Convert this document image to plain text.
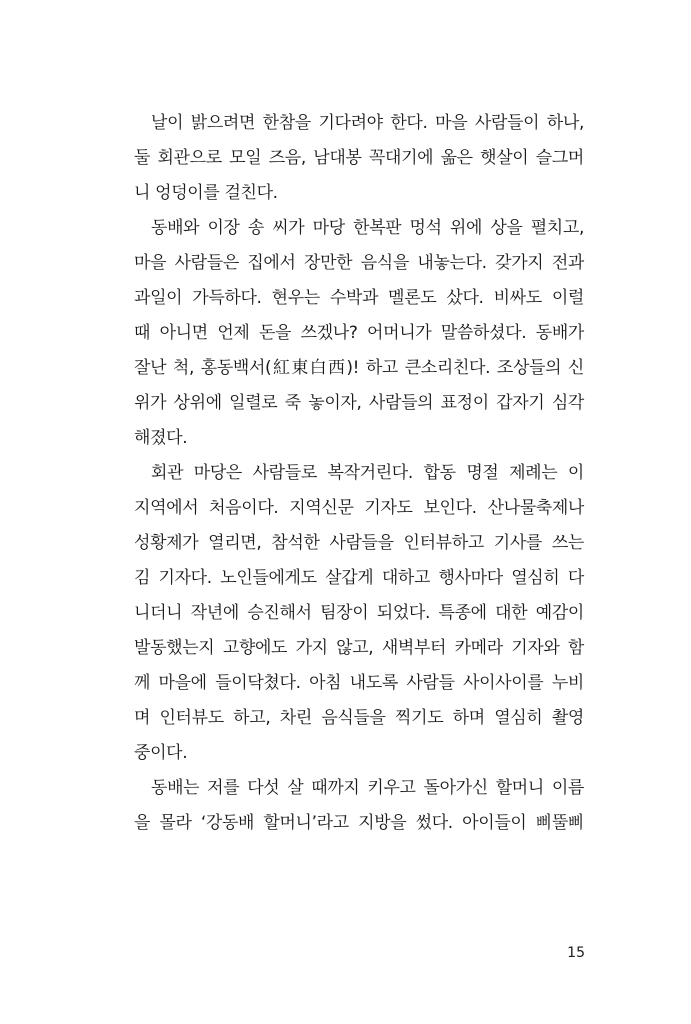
날이 밝으려면 한참을 기다려야 한다. 마을 사람들이 하나,
둘 회관으로 모일 즈음, 남대봉 꼭대기에 옮은 햇살이 슬그머
니 엉덩이를 걸친다.
동배와 이장 송 씨가 마당 한복판 멍석 위에 상을 펼치고,
마을 사람들은 집에서 장만한 음식을 내놓는다. 갖가지 전과
과일이 가득하다. 현우는 수박과 멜론도 샀다. 비싸도 이럴
때 아니면 언제 돈을 쓰겠나? 어머니가 말씀하셨다. 동배가
잘난 척, 홍동백서(紅東白西)! 하고 큰소리친다. 조상들의 신
위가 상위에 일렬로 죽 놓이자, 사람들의 표정이 갑자기 심각
해졌다.
회관 마당은 사람들로 복작거린다. 합동 명절 제례는 이
지역에서 처음이다. 지역신문 기자도 보인다. 산나물축제나
성황제가 열리면, 참석한 사람들을 인터뷰하고 기사를 쓰는
김 기자다. 노인들에게도 살갑게 대하고 행사마다 열심히 다
니더니 작년에 승진해서 팀장이 되었다. 특종에 대한 예감이
발동했는지 고향에도 가지 않고, 새벽부터 카메라 기자와 함
께 마을에 들이닥쳤다. 아침 내도록 사람들 사이사이를 누비
며 인터뷰도 하고, 차린 음식들을 찍기도 하며 열심히 촬영
중이다.
동배는 저를 다섯 살 때까지 키우고 돌아가신 할머니 이름
을 몰라 ‘강동배 할머니’라고 지방을 썼다. 아이들이 삐뚤삐
15
